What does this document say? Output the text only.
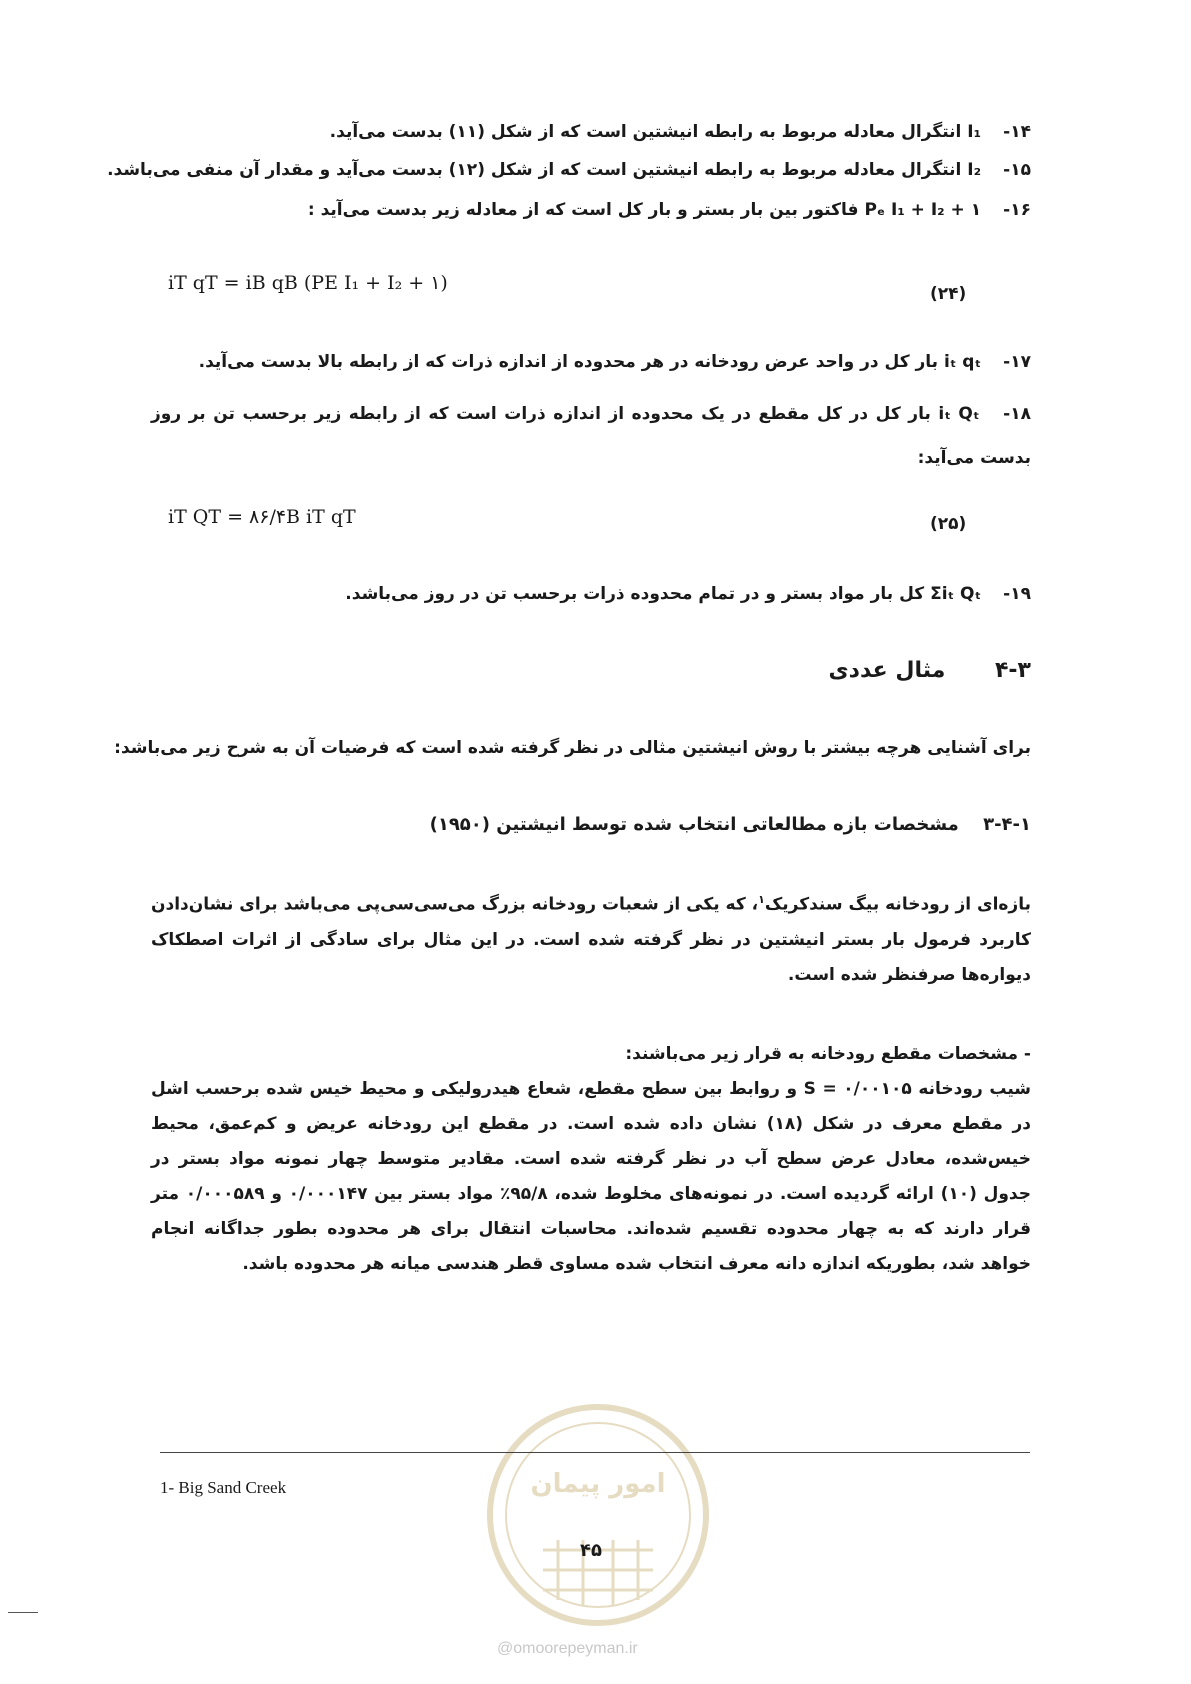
۱۴- I₁ انتگرال معادله مربوط به رابطه انیشتین است که از شکل (۱۱) بدست می‌آید.
۱۵- I₂ انتگرال معادله مربوط به رابطه انیشتین است که از شکل (۱۲) بدست می‌آید و مقدار آن منفی می‌باشد.
۱۶- Pₑ I₁ + I₂ + ۱ فاکتور بین بار بستر و بار کل است که از معادله زیر بدست می‌آید :
iT qT = iB qB (PE I₁ + I₂ + ۱)	(۲۴)
۱۷- iₜ qₜ بار کل در واحد عرض رودخانه در هر محدوده از اندازه ذرات که از رابطه بالا بدست می‌آید.
۱۸- iₜ Qₜ بار کل در کل مقطع در یک محدوده از اندازه ذرات است که از رابطه زیر برحسب تن بر روز بدست می‌آید:
iT QT = ۸۶/۴B iT qT	(۲۵)
۱۹- Σiₜ Qₜ کل بار مواد بستر و در تمام محدوده ذرات برحسب تن در روز می‌باشد.
۴-۳ مثال عددی
برای آشنایی هرچه بیشتر با روش انیشتین مثالی در نظر گرفته شده است که فرضیات آن به شرح زیر می‌باشد:
۳-۴-۱ مشخصات بازه مطالعاتی انتخاب شده توسط انیشتین (۱۹۵۰)
بازه‌ای از رودخانه بیگ سندکریک$^۱$، که یکی از شعبات رودخانه بزرگ می‌سی‌سی‌پی می‌باشد برای نشان‌دادن کاربرد فرمول بار بستر انیشتین در نظر گرفته شده است. در این مثال برای سادگی از اثرات اصطکاک دیواره‌ها صرفنظر شده است.
- مشخصات مقطع رودخانه به قرار زیر می‌باشند:
شیب رودخانه S = ۰/۰۰۱۰۵ و روابط بین سطح مقطع، شعاع هیدرولیکی و محیط خیس شده برحسب اشل در مقطع معرف در شکل (۱۸) نشان داده شده است. در مقطع این رودخانه عریض و کم‌عمق، محیط خیس‌شده، معادل عرض سطح آب در نظر گرفته شده است. مقادیر متوسط چهار نمونه مواد بستر در جدول (۱۰) ارائه گردیده است. در نمونه‌های مخلوط شده، ۹۵/۸٪ مواد بستر بین ۰/۰۰۰۱۴۷ و ۰/۰۰۰۵۸۹ متر قرار دارند که به چهار محدوده تقسیم شده‌اند. محاسبات انتقال برای هر محدوده بطور جداگانه انجام خواهد شد، بطوریکه اندازه دانه معرف انتخاب شده مساوی قطر هندسی میانه هر محدوده باشد.
امور پیمان
1- Big Sand Creek
۴۵
@omoorepeyman.ir
